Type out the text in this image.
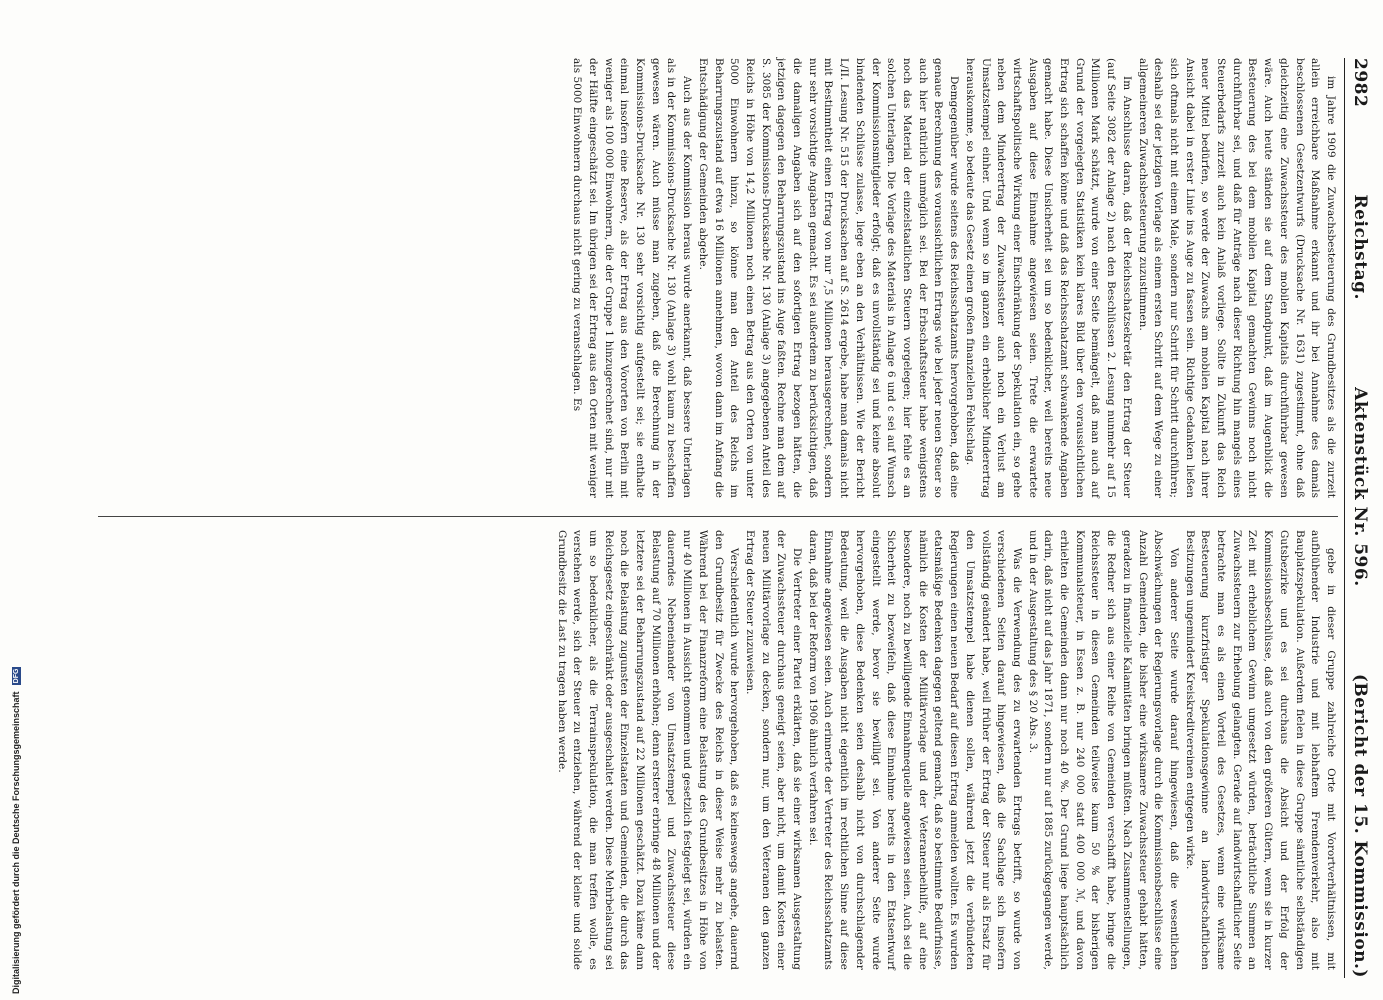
Digitalisierung gefördert durch die Deutsche Forschungsgemeinschaft DFG
2982
Reichstag.
Aktenstück Nr. 596.
(Bericht der 15. Kommission.)

im Jahre 1909 die Zuwachsbesteuerung des Grundbesitzes als die zurzeit allein erreichbare Maßnahme erkannt und ihr bei Annahme des damals beschlossenen Gesetzentwurfs (Drucksache Nr. 1631) zugestimmt, ohne daß gleichzeitig eine Zuwachssteuer des mobilen Kapitals durchführbar gewesen wäre. Auch heute ständen sie auf dem Standpunkt, daß im Augenblick die Besteuerung des bei dem mobilen Kapital gemachten Gewinns noch nicht durchführbar sei, und daß für Anträge nach dieser Richtung hin mangels eines Steuerbedarfs zurzeit auch kein Anlaß vorliege. Sollte in Zukunft das Reich neuer Mittel bedürfen, so werde der Zuwachs am mobilen Kapital nach ihrer Ansicht dabei in erster Linie ins Auge zu fassen sein. Richtige Gedanken ließen sich oftmals nicht mit einem Male, sondern nur Schritt für Schritt durchführen; deshalb sei der jetzigen Vorlage als einem ersten Schritt auf dem Wege zu einer allgemeineren Zuwachsbesteuerung zuzustimmen.

Im Anschlusse daran, daß der Reichsschatzsekretär den Ertrag der Steuer (auf Seite 3082 der Anlage 2) nach den Beschlüssen 2. Lesung nunmehr auf 15 Millionen Mark schätzt, wurde von einer Seite bemängelt, daß man auch auf Grund der vorgelegten Statistiken kein klares Bild über den voraussichtlichen Ertrag sich schaffen könne und daß das Reichsschatzamt schwankende Angaben gemacht habe. Diese Unsicherheit sei um so bedenklicher, weil bereits neue Ausgaben auf diese Einnahme angewiesen seien. Trete die erwartete wirtschaftspolitische Wirkung einer Einschränkung der Spekulation ein, so gehe neben dem Minderertrag der Zuwachssteuer auch noch ein Verlust am Umsatzstempel einher. Und wenn so im ganzen ein erheblicher Minderertrag herauskomme, so bedeute das Gesetz einen großen finanziellen Fehlschlag.

Demgegenüber wurde seitens des Reichsschatzamts hervorgehoben, daß eine genaue Berechnung des voraussichtlichen Ertrags wie bei jeder neuen Steuer so auch hier natürlich unmöglich sei. Bei der Erbschaftssteuer habe wenigstens noch das Material der einzelstaatlichen Steuern vorgelegen; hier fehle es an solchen Unterlagen. Die Vorlage des Materials in Anlage 6 und c sei auf Wunsch der Kommissionsmitglieder erfolgt; daß es unvollständig sei und keine absolut bindenden Schlüsse zulasse, liege eben an den Verhältnissen. Wie der Bericht L/II. Lesung Nr. 515 der Drucksachen auf S. 2614 ergebe, habe man damals nicht mit Bestimmtheit einen Ertrag von nur 7,5 Millionen herausgerechnet, sondern nur sehr vorsichtige Angaben gemacht. Es sei außerdem zu berücksichtigen, daß die damaligen Angaben sich auf den sofortigen Ertrag bezogen hätten, die jetzigen dagegen den Beharrungszustand ins Auge faßten. Rechne man dem auf S. 3085 der Kommissions-Drucksache Nr. 130 (Anlage 3) angegebenen Anteil des Reichs in Höhe von 14,2 Millionen noch einen Betrag aus den Orten von unter 5000 Einwohnern hinzu, so könne man den Anteil des Reichs im Beharrungszustand auf etwa 16 Millionen annehmen, wovon dann im Anfang die Entschädigung der Gemeinden abgehe.

Auch aus der Kommission heraus wurde anerkannt, daß bessere Unterlagen als in der Kommissions-Drucksache Nr. 130 (Anlage 3) wohl kaum zu beschaffen gewesen wären. Auch müsse man zugeben, daß die Berechnung in der Kommissions-Drucksache Nr. 130 sehr vorsichtig aufgestellt sei; sie enthalte einmal insofern eine Reserve, als der Ertrag aus den Vororten von Berlin mit weniger als 100 000 Einwohnern, die der Gruppe 1 hinzugerechnet sind, nur mit der Hälfte eingeschätzt sei. Im übrigen sei der Ertrag aus den Orten mit weniger als 5000 Einwohnern durchaus nicht gering zu veranschlagen. Es

gebe in dieser Gruppe zahlreiche Orte mit Vorortverhältnissen, mit aufblühender Industrie und mit lebhaftem Fremdenverkehr, also mit Bauplatzspekulation. Außerdem fielen in diese Gruppe sämtliche selbständigen Gutsbezirke und es sei durchaus die Absicht und der Erfolg der Kommissionsbeschlüsse, daß auch von den größeren Gütern, wenn sie in kurzer Zeit mit erheblichem Gewinn umgesetzt würden, beträchtliche Summen an Zuwachssteuern zur Erhebung gelangten. Gerade auf landwirtschaftlicher Seite betrachte man es als einen Vorteil des Gesetzes, wenn eine wirksame Besteuerung kurzfristiger Spekulationsgewinne an landwirtschaftlichen Besitzungen ungemindert Kreiskreditvereinen entgegen wirke.

Von anderer Seite wurde darauf hingewiesen, daß die wesentlichen Abschwächungen der Regierungsvorlage durch die Kommissionsbeschlüsse eine Anzahl Gemeinden, die bisher eine wirksamere Zuwachssteuer gehabt hätten, geradezu in finanzielle Kalamitäten bringen müßten. Nach Zusammenstellungen, die Redner sich aus einer Reihe von Gemeinden verschafft habe, bringe die Reichssteuer in diesen Gemeinden teilweise kaum 50 % der bisherigen Kommunalsteuer, in Essen z. B. nur 240 000 statt 400 000 ℳ, und davon erhielten die Gemeinden dann nur noch 40 %. Der Grund liege hauptsächlich darin, daß nicht auf das Jahr 1871, sondern nur auf 1885 zurückgegangen werde, und in der Ausgestaltung des § 20 Abs. 3.

Was die Verwendung des zu erwartenden Ertrags betrifft, so wurde von verschiedenen Seiten darauf hingewiesen, daß die Sachlage sich insofern vollständig geändert habe, weil früher der Ertrag der Steuer nur als Ersatz für den Umsatzstempel habe dienen sollen, während jetzt die verbündeten Regierungen einen neuen Bedarf auf diesen Ertrag anmelden wollten. Es wurden etatsmäßige Bedenken dagegen geltend gemacht, daß so bestimmte Bedürfnisse, nämlich die Kosten der Militärvorlage und der Veteranenbeihilfe, auf eine besondere, noch zu bewilligende Einnahmequelle angewiesen seien. Auch sei die Sicherheit zu bezweifeln, daß diese Einnahme bereits in den Etatsentwurf eingestellt werde, bevor sie bewilligt sei. Von anderer Seite wurde hervorgehoben, diese Bedenken seien deshalb nicht von durchschlagender Bedeutung, weil die Ausgaben nicht eigentlich im rechtlichen Sinne auf diese Einnahme angewiesen seien. Auch erinnerte der Vertreter des Reichsschatzamts daran, daß bei der Reform von 1906 ähnlich verfahren sei.

Die Vertreter einer Partei erklärten, daß sie einer wirksamen Ausgestaltung der Zuwachssteuer durchaus geneigt seien, aber nicht, um damit Kosten einer neuen Militärvorlage zu decken, sondern nur, um den Veteranen den ganzen Ertrag der Steuer zuzuweisen.

Verschiedentlich wurde hervorgehoben, daß es keineswegs angehe, dauernd den Grundbesitz für Zwecke des Reichs in dieser Weise mehr zu belasten. Während bei der Finanzreform eine Belastung des Grundbesitzes in Höhe von nur 40 Millionen in Aussicht genommen und gesetzlich festgelegt sei, würden ein dauerndes Nebeneinander von Umsatzstempel und Zuwachssteuer diese Belastung auf 70 Millionen erhöhen; denn ersterer erbringe 48 Millionen und der letztere sei der Beharrungszustand auf 22 Millionen geschätzt. Dazu käme dann noch die Belastung zugunsten der Einzelstaaten und Gemeinden, die durch das Reichsgesetz eingeschränkt oder ausgeschaltet werden. Diese Mehrbelastung sei um so bedenklicher, als die Terrainspekulation, die man treffen wolle, es verstehen werde, sich der Steuer zu entziehen, während der kleine und solide Grundbesitz die Last zu tragen haben werde.
